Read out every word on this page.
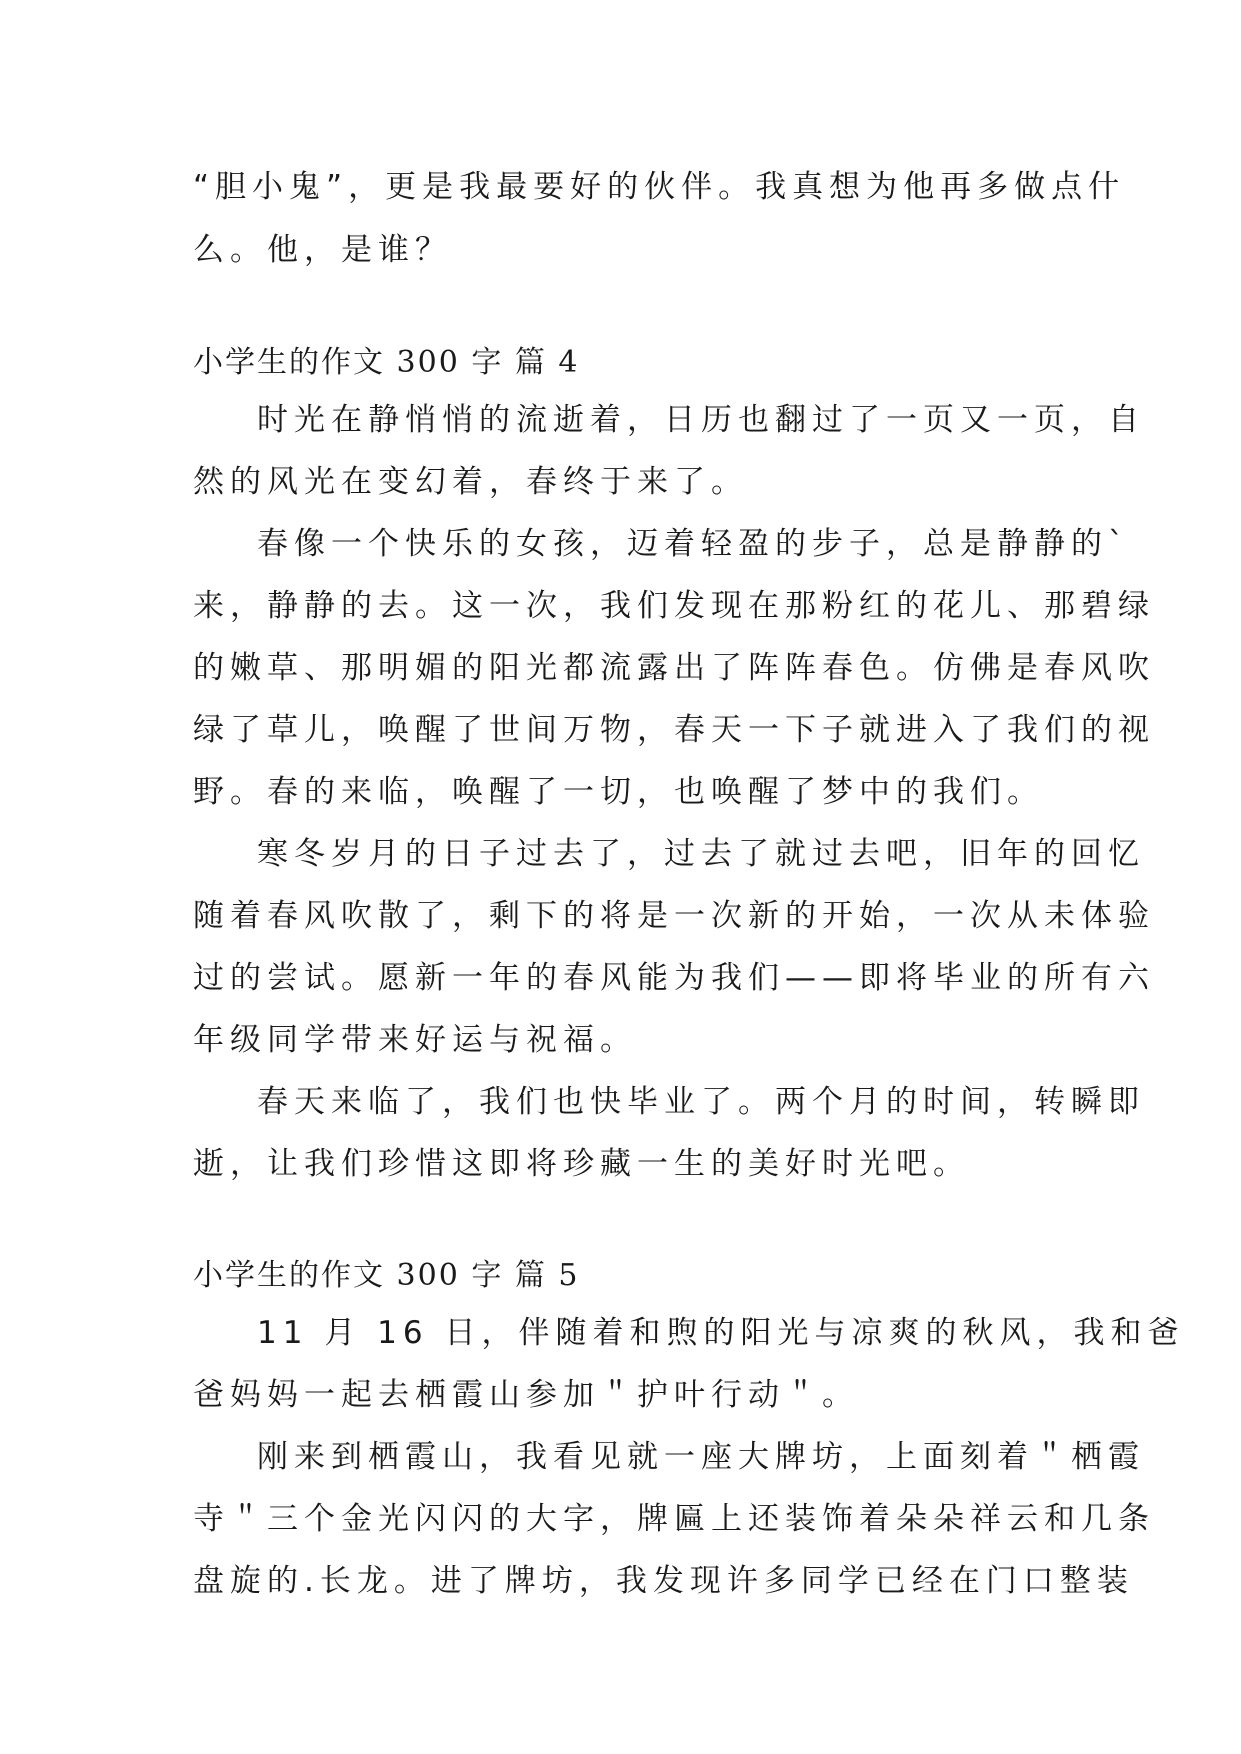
“胆小鬼”，更是我最要好的伙伴。我真想为他再多做点什
么。他，是谁？
小学生的作文 300 字 篇 4
时光在静悄悄的流逝着，日历也翻过了一页又一页，自
然的风光在变幻着，春终于来了。
春像一个快乐的女孩，迈着轻盈的步子，总是静静的`
来，静静的去。这一次，我们发现在那粉红的花儿、那碧绿
的嫩草、那明媚的阳光都流露出了阵阵春色。仿佛是春风吹
绿了草儿，唤醒了世间万物，春天一下子就进入了我们的视
野。春的来临，唤醒了一切，也唤醒了梦中的我们。
寒冬岁月的日子过去了，过去了就过去吧，旧年的回忆
随着春风吹散了，剩下的将是一次新的开始，一次从未体验
过的尝试。愿新一年的春风能为我们——即将毕业的所有六
年级同学带来好运与祝福。
春天来临了，我们也快毕业了。两个月的时间，转瞬即
逝，让我们珍惜这即将珍藏一生的美好时光吧。
小学生的作文 300 字 篇 5
11 月 16 日，伴随着和煦的阳光与凉爽的秋风，我和爸
爸妈妈一起去栖霞山参加＂护叶行动＂。
刚来到栖霞山，我看见就一座大牌坊，上面刻着＂栖霞
寺＂三个金光闪闪的大字，牌匾上还装饰着朵朵祥云和几条
盘旋的.长龙。进了牌坊，我发现许多同学已经在门口整装
